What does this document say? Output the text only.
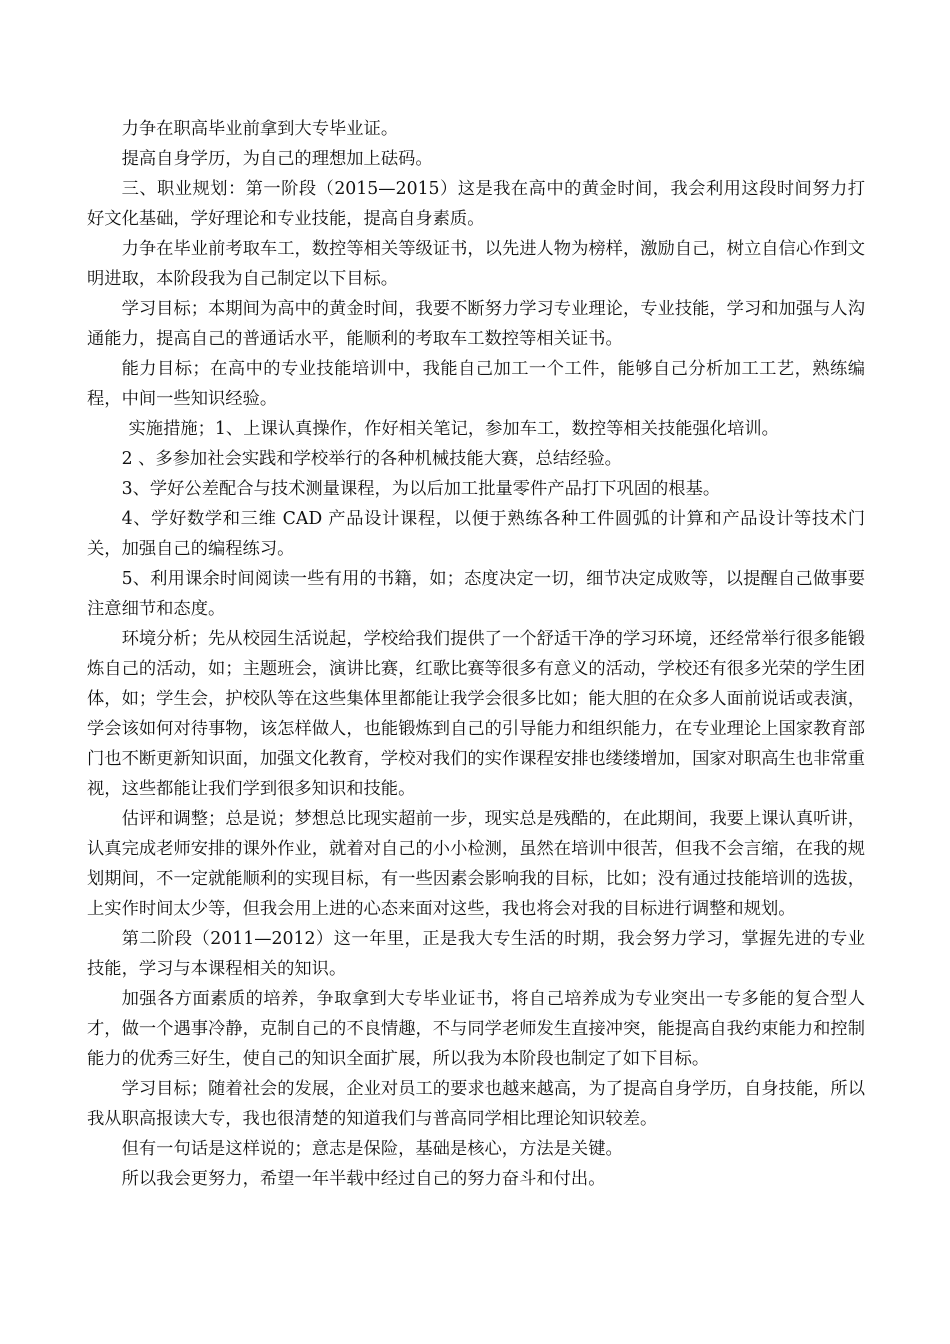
力争在职高毕业前拿到大专毕业证。

提高自身学历，为自己的理想加上砝码。

三、职业规划：第一阶段（2015—2015）这是我在高中的黄金时间，我会利用这段时间努力打好文化基础，学好理论和专业技能，提高自身素质。

力争在毕业前考取车工，数控等相关等级证书，以先进人物为榜样，激励自己，树立自信心作到文明进取，本阶段我为自己制定以下目标。

学习目标；本期间为高中的黄金时间，我要不断努力学习专业理论，专业技能，学习和加强与人沟通能力，提高自己的普通话水平，能顺利的考取车工数控等相关证书。

能力目标；在高中的专业技能培训中，我能自己加工一个工件，能够自己分析加工工艺，熟练编程，中间一些知识经验。

实施措施；1、上课认真操作，作好相关笔记，参加车工，数控等相关技能强化培训。

2 、多参加社会实践和学校举行的各种机械技能大赛，总结经验。

3、学好公差配合与技术测量课程，为以后加工批量零件产品打下巩固的根基。

4、学好数学和三维 CAD 产品设计课程，以便于熟练各种工件圆弧的计算和产品设计等技术门关，加强自己的编程练习。

5、利用课余时间阅读一些有用的书籍，如；态度决定一切，细节决定成败等，以提醒自己做事要注意细节和态度。

环境分析；先从校园生活说起，学校给我们提供了一个舒适干净的学习环境，还经常举行很多能锻炼自己的活动，如；主题班会，演讲比赛，红歌比赛等很多有意义的活动，学校还有很多光荣的学生团体，如；学生会，护校队等在这些集体里都能让我学会很多比如；能大胆的在众多人面前说话或表演，学会该如何对待事物，该怎样做人，也能锻炼到自己的引导能力和组织能力，在专业理论上国家教育部门也不断更新知识面，加强文化教育，学校对我们的实作课程安排也缕缕增加，国家对职高生也非常重视，这些都能让我们学到很多知识和技能。

估评和调整；总是说；梦想总比现实超前一步，现实总是残酷的，在此期间，我要上课认真听讲，认真完成老师安排的课外作业，就着对自己的小小检测，虽然在培训中很苦，但我不会言缩，在我的规划期间，不一定就能顺利的实现目标，有一些因素会影响我的目标，比如；没有通过技能培训的选拔，上实作时间太少等，但我会用上进的心态来面对这些，我也将会对我的目标进行调整和规划。

第二阶段（2011—2012）这一年里，正是我大专生活的时期，我会努力学习，掌握先进的专业技能，学习与本课程相关的知识。

加强各方面素质的培养，争取拿到大专毕业证书，将自己培养成为专业突出一专多能的复合型人才，做一个遇事冷静，克制自己的不良情趣，不与同学老师发生直接冲突，能提高自我约束能力和控制能力的优秀三好生，使自己的知识全面扩展，所以我为本阶段也制定了如下目标。

学习目标；随着社会的发展，企业对员工的要求也越来越高，为了提高自身学历，自身技能，所以我从职高报读大专，我也很清楚的知道我们与普高同学相比理论知识较差。

但有一句话是这样说的；意志是保险，基础是核心，方法是关键。

所以我会更努力，希望一年半载中经过自己的努力奋斗和付出。
